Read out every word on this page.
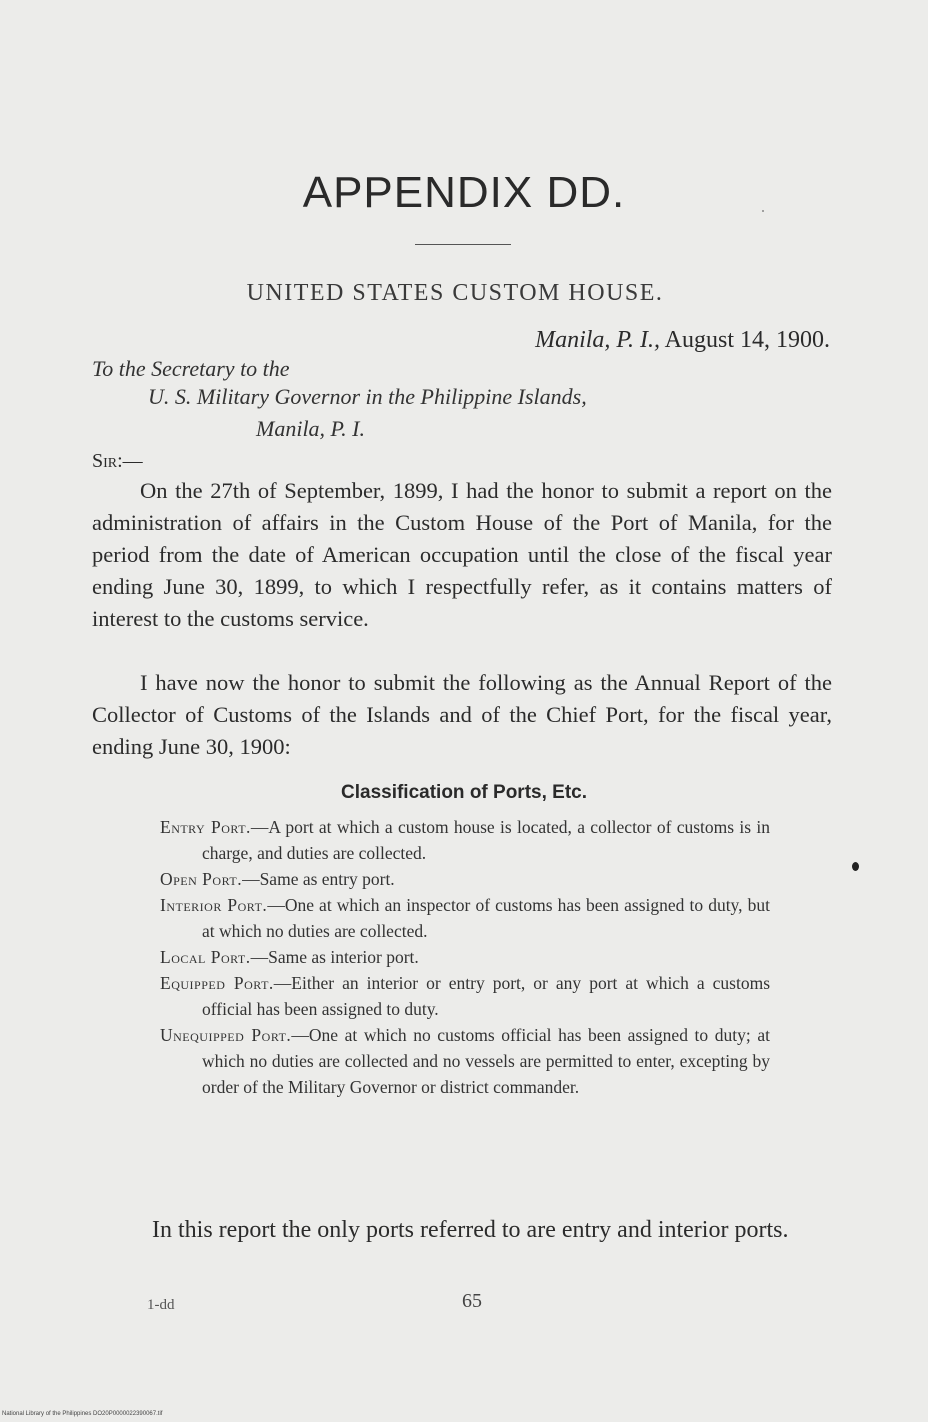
APPENDIX DD.
UNITED STATES CUSTOM HOUSE.
Manila, P. I., August 14, 1900.
To the Secretary to the
U. S. Military Governor in the Philippine Islands,
Manila, P. I.
Sir:—
On the 27th of September, 1899, I had the honor to submit a report on the administration of affairs in the Custom House of the Port of Manila, for the period from the date of American occupation until the close of the fiscal year ending June 30, 1899, to which I respectfully refer, as it contains matters of interest to the customs service.
I have now the honor to submit the following as the Annual Report of the Collector of Customs of the Islands and of the Chief Port, for the fiscal year, ending June 30, 1900:
Classification of Ports, Etc.

Entry Port.—A port at which a custom house is located, a collector of customs is in charge, and duties are collected.

Open Port.—Same as entry port.

Interior Port.—One at which an inspector of customs has been assigned to duty, but at which no duties are collected.

Local Port.—Same as interior port.

Equipped Port.—Either an interior or entry port, or any port at which a customs official has been assigned to duty.

Unequipped Port.—One at which no customs official has been assigned to duty; at which no duties are collected and no vessels are permitted to enter, excepting by order of the Military Governor or district commander.

In this report the only ports referred to are entry and interior ports.
1-dd	65
National Library of the Philippines DO20P0000022390067.tif
